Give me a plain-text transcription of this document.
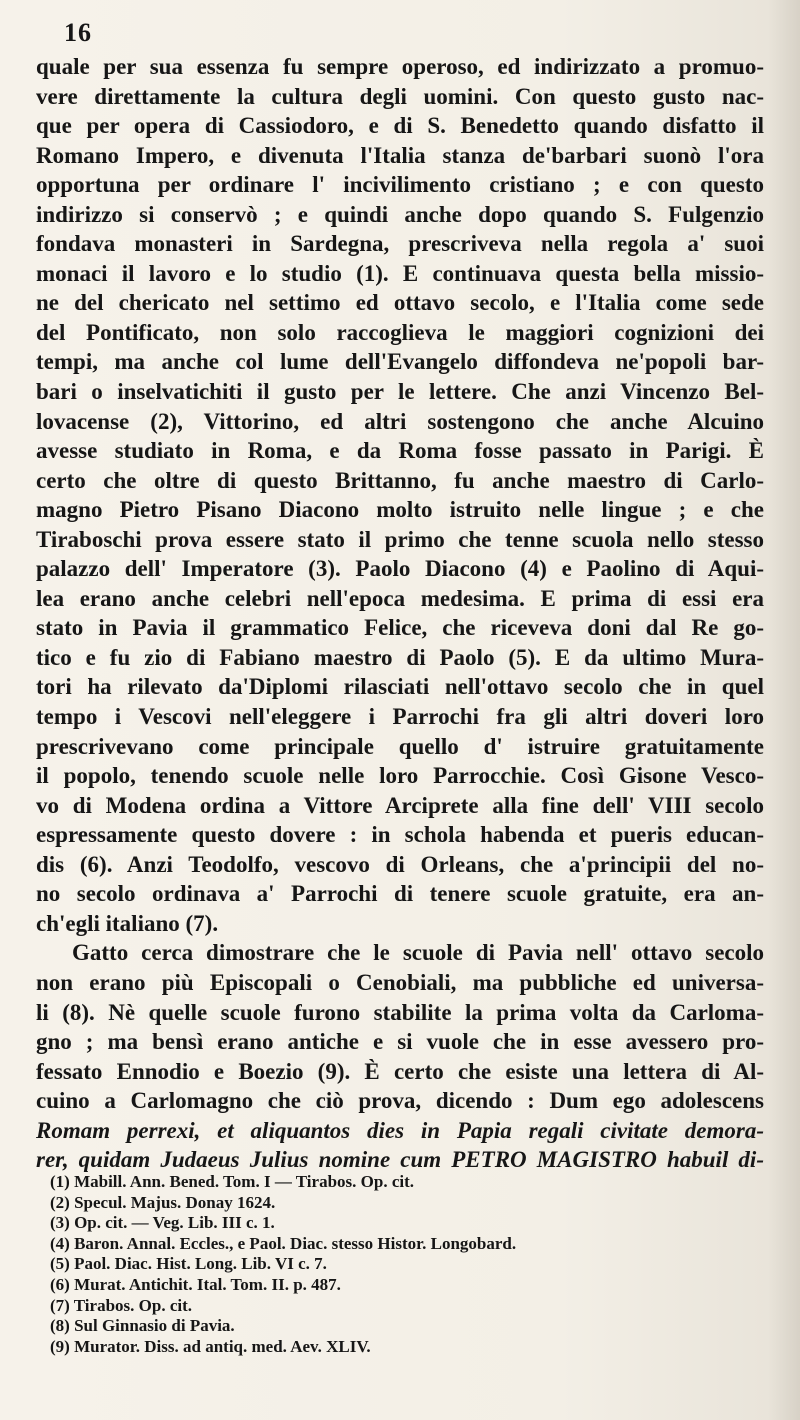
16
quale per sua essenza fu sempre operoso, ed indirizzato a promuo-
vere direttamente la cultura degli uomini. Con questo gusto nac-
que per opera di Cassiodoro, e di S. Benedetto quando disfatto il
Romano Impero, e divenuta l'Italia stanza de'barbari suonò l'ora
opportuna per ordinare l' incivilimento cristiano ; e con questo
indirizzo si conservò ; e quindi anche dopo quando S. Fulgenzio
fondava monasteri in Sardegna, prescriveva nella regola a' suoi
monaci il lavoro e lo studio (1). E continuava questa bella missio-
ne del chericato nel settimo ed ottavo secolo, e l'Italia come sede
del Pontificato, non solo raccoglieva le maggiori cognizioni dei
tempi, ma anche col lume dell'Evangelo diffondeva ne'popoli bar-
bari o inselvatichiti il gusto per le lettere. Che anzi Vincenzo Bel-
lovacense (2), Vittorino, ed altri sostengono che anche Alcuino
avesse studiato in Roma, e da Roma fosse passato in Parigi. È
certo che oltre di questo Brittanno, fu anche maestro di Carlo-
magno Pietro Pisano Diacono molto istruito nelle lingue ; e che
Tiraboschi prova essere stato il primo che tenne scuola nello stesso
palazzo dell' Imperatore (3). Paolo Diacono (4) e Paolino di Aqui-
lea erano anche celebri nell'epoca medesima. E prima di essi era
stato in Pavia il grammatico Felice, che riceveva doni dal Re go-
tico e fu zio di Fabiano maestro di Paolo (5). E da ultimo Mura-
tori ha rilevato da'Diplomi rilasciati nell'ottavo secolo che in quel
tempo i Vescovi nell'eleggere i Parrochi fra gli altri doveri loro
prescrivevano come principale quello d' istruire gratuitamente
il popolo, tenendo scuole nelle loro Parrocchie. Così Gisone Vesco-
vo di Modena ordina a Vittore Arciprete alla fine dell' VIII secolo
espressamente questo dovere : in schola habenda et pueris educan-
dis (6). Anzi Teodolfo, vescovo di Orleans, che a'principii del no-
no secolo ordinava a' Parrochi di tenere scuole gratuite, era an-
ch'egli italiano (7).
Gatto cerca dimostrare che le scuole di Pavia nell' ottavo secolo
non erano più Episcopali o Cenobiali, ma pubbliche ed universa-
li (8). Nè quelle scuole furono stabilite la prima volta da Carloma-
gno ; ma bensì erano antiche e si vuole che in esse avessero pro-
fessato Ennodio e Boezio (9). È certo che esiste una lettera di Al-
cuino a Carlomagno che ciò prova, dicendo : Dum ego adolescens
Romam perrexi, et aliquantos dies in Papia regali civitate demora-
rer, quidam Judaeus Julius nomine cum PETRO MAGISTRO habuil di-
(1) Mabill. Ann. Bened. Tom. I — Tirabos. Op. cit.
(2) Specul. Majus. Donay 1624.
(3) Op. cit. — Veg. Lib. III c. 1.
(4) Baron. Annal. Eccles., e Paol. Diac. stesso Histor. Longobard.
(5) Paol. Diac. Hist. Long. Lib. VI c. 7.
(6) Murat. Antichit. Ital. Tom. II. p. 487.
(7) Tirabos. Op. cit.
(8) Sul Ginnasio di Pavia.
(9) Murator. Diss. ad antiq. med. Aev. XLIV.
